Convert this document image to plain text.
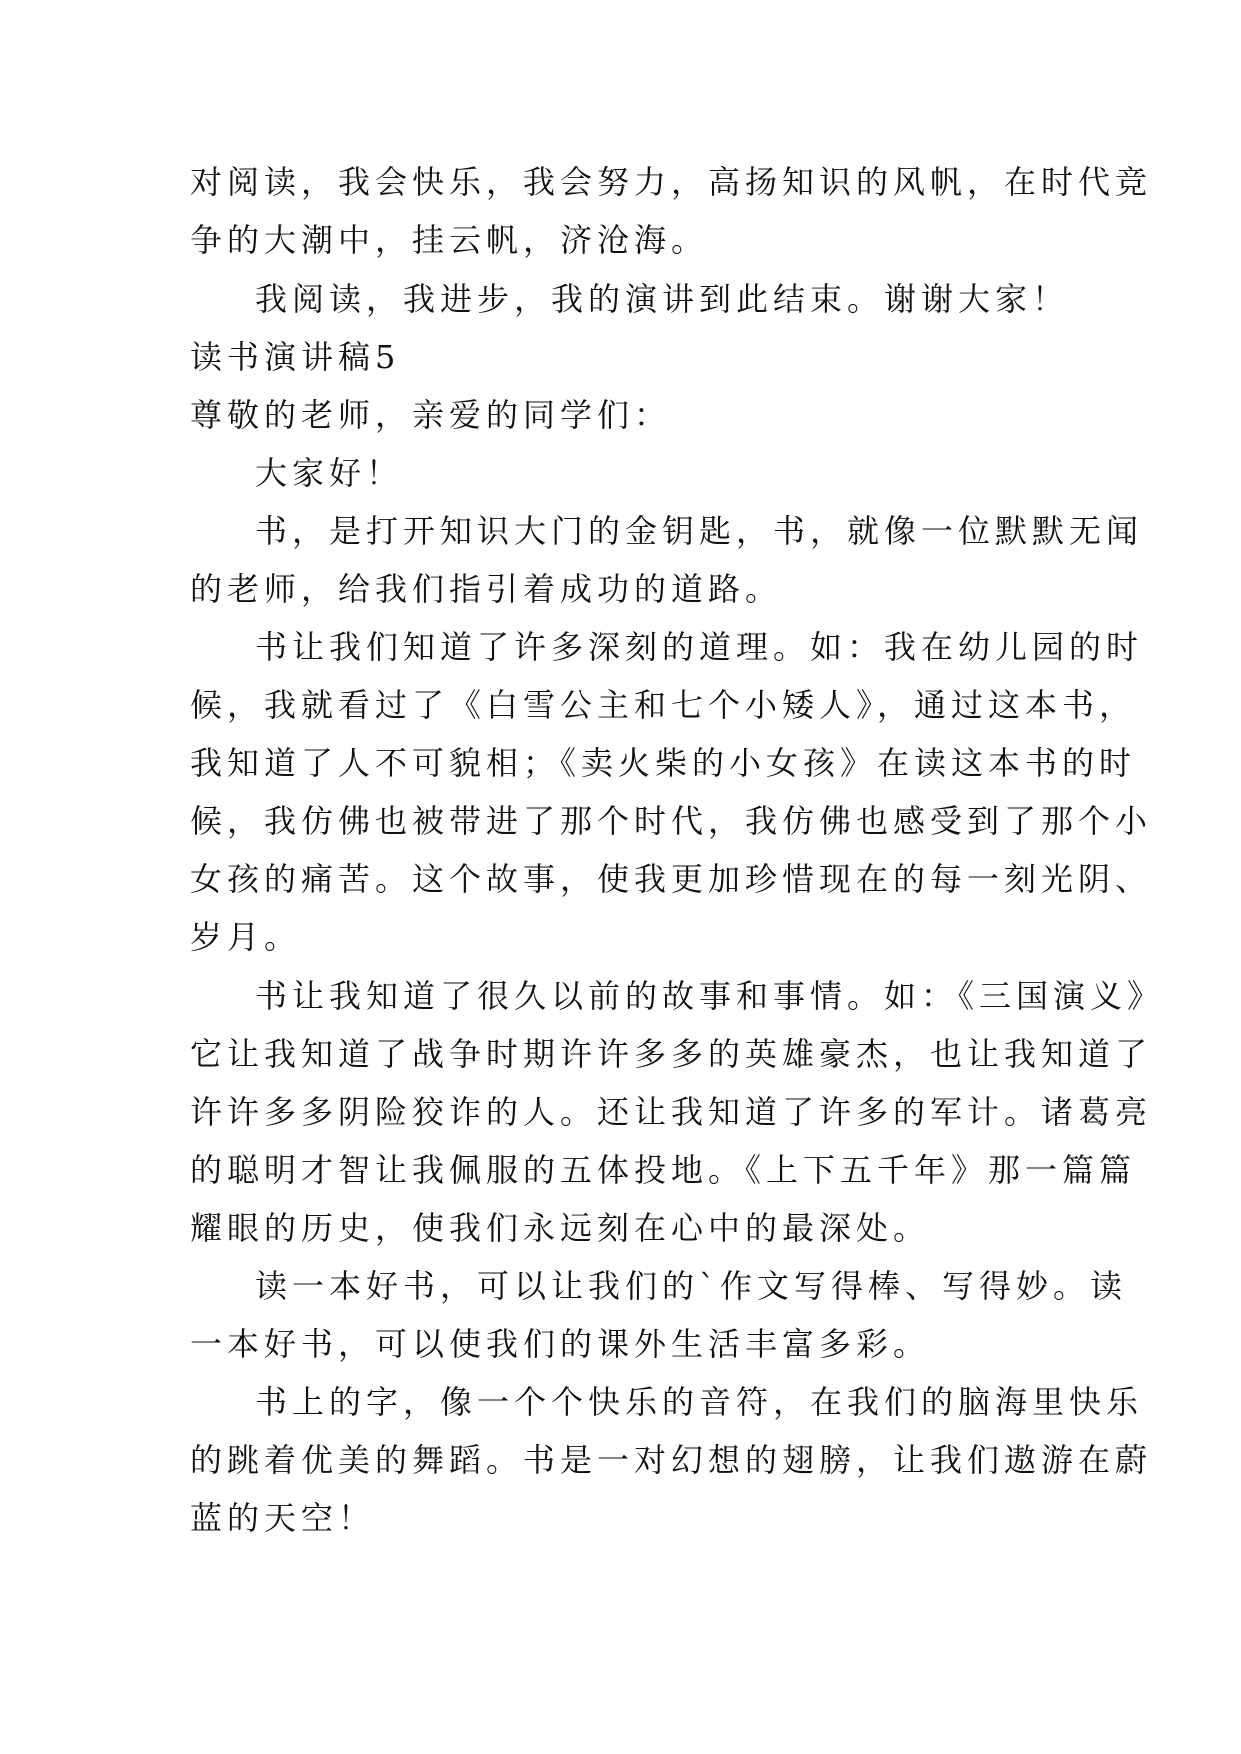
对阅读，我会快乐，我会努力，高扬知识的风帆，在时代竞

争的大潮中，挂云帆，济沧海。

我阅读，我进步，我的演讲到此结束。谢谢大家！

读书演讲稿5

尊敬的老师，亲爱的同学们：

大家好！

书，是打开知识大门的金钥匙，书，就像一位默默无闻

的老师，给我们指引着成功的道路。

书让我们知道了许多深刻的道理。如：我在幼儿园的时

候，我就看过了《白雪公主和七个小矮人》，通过这本书，

我知道了人不可貌相；《卖火柴的小女孩》在读这本书的时

候，我仿佛也被带进了那个时代，我仿佛也感受到了那个小

女孩的痛苦。这个故事，使我更加珍惜现在的每一刻光阴、

岁月。

书让我知道了很久以前的故事和事情。如：《三国演义》

它让我知道了战争时期许许多多的英雄豪杰，也让我知道了

许许多多阴险狡诈的人。还让我知道了许多的军计。诸葛亮

的聪明才智让我佩服的五体投地。《上下五千年》那一篇篇

耀眼的历史，使我们永远刻在心中的最深处。

读一本好书，可以让我们的`作文写得棒、写得妙。读

一本好书，可以使我们的课外生活丰富多彩。

书上的字，像一个个快乐的音符，在我们的脑海里快乐

的跳着优美的舞蹈。书是一对幻想的翅膀，让我们遨游在蔚

蓝的天空！
